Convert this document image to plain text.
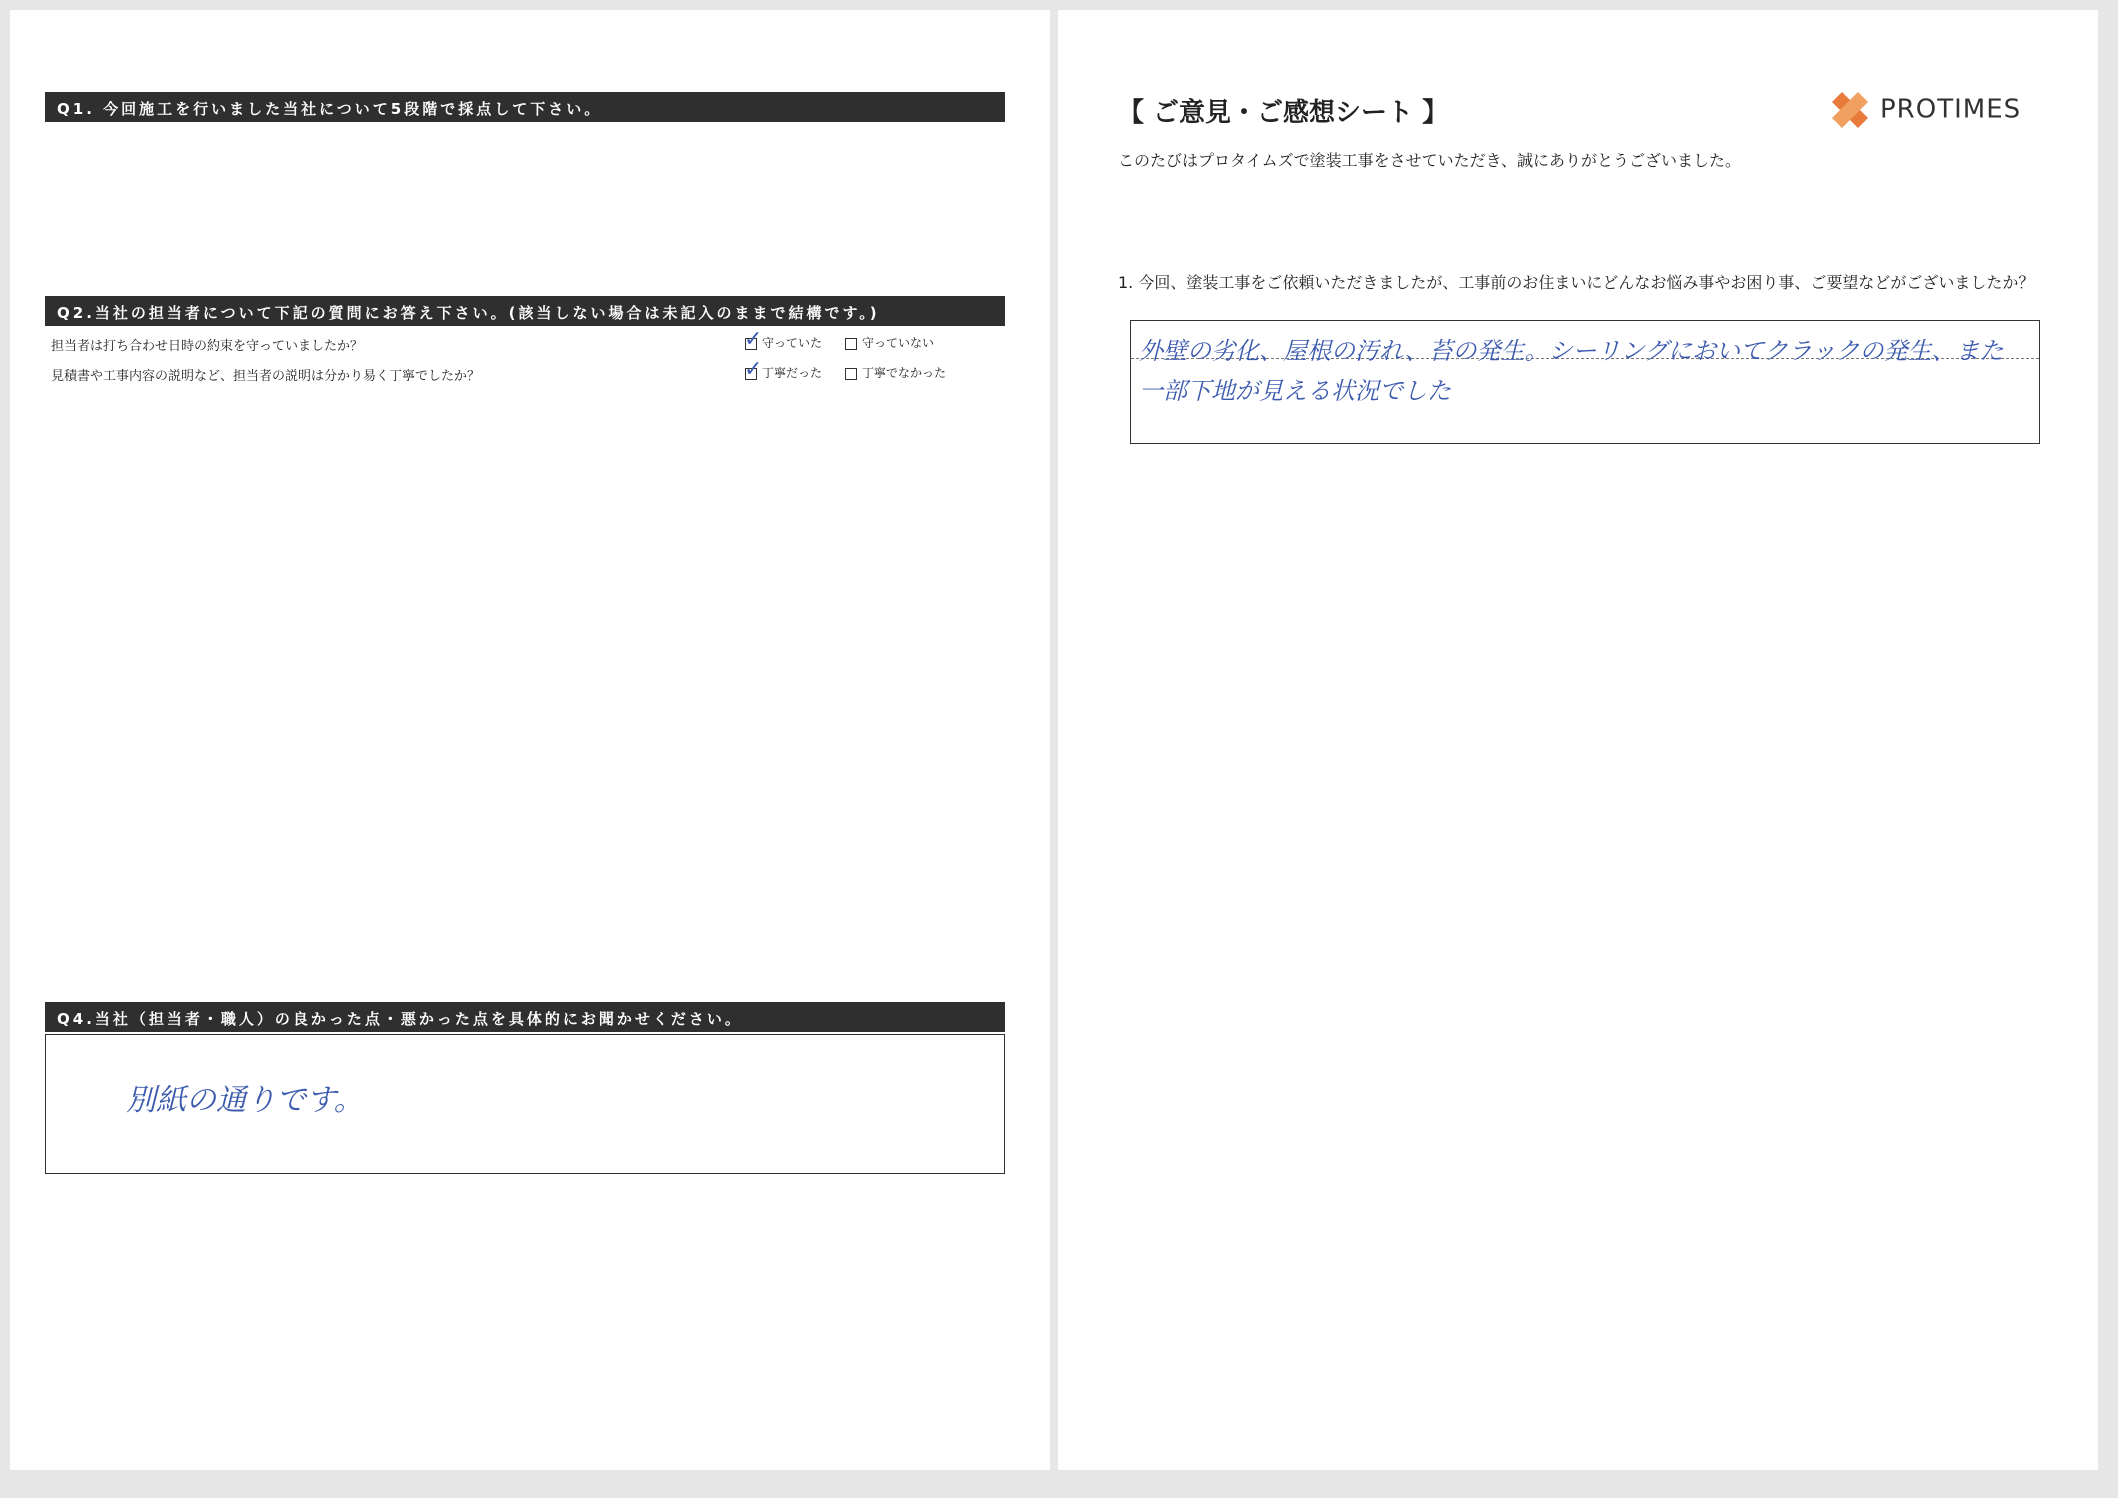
Q1. 今回施工を行いました当社について5段階で採点して下さい。
Q2.当社の担当者について下記の質問にお答え下さい。(該当しない場合は未記入のままで結構です。)
担当者は打ち合わせ日時の約束を守っていましたか？ ✓	守っていた	守っていない
見積書や工事内容の説明など、担当者の説明は分かり易く丁寧でしたか？ ✓	丁寧だった	丁寧でなかった
Q4.当社（担当者・職人）の良かった点・悪かった点を具体的にお聞かせください。
別紙の通りです。
【 ご意見・ご感想シート 】	PROTIMES
このたびはプロタイムズで塗装工事をさせていただき、誠にありがとうございました。
1. 今回、塗装工事をご依頼いただきましたが、工事前のお住まいにどんなお悩み事やお困り事、ご要望などがございましたか？
外壁の劣化、屋根の汚れ、苔の発生。シーリングにおいてクラックの発生、また一部下地が見える状況でした
